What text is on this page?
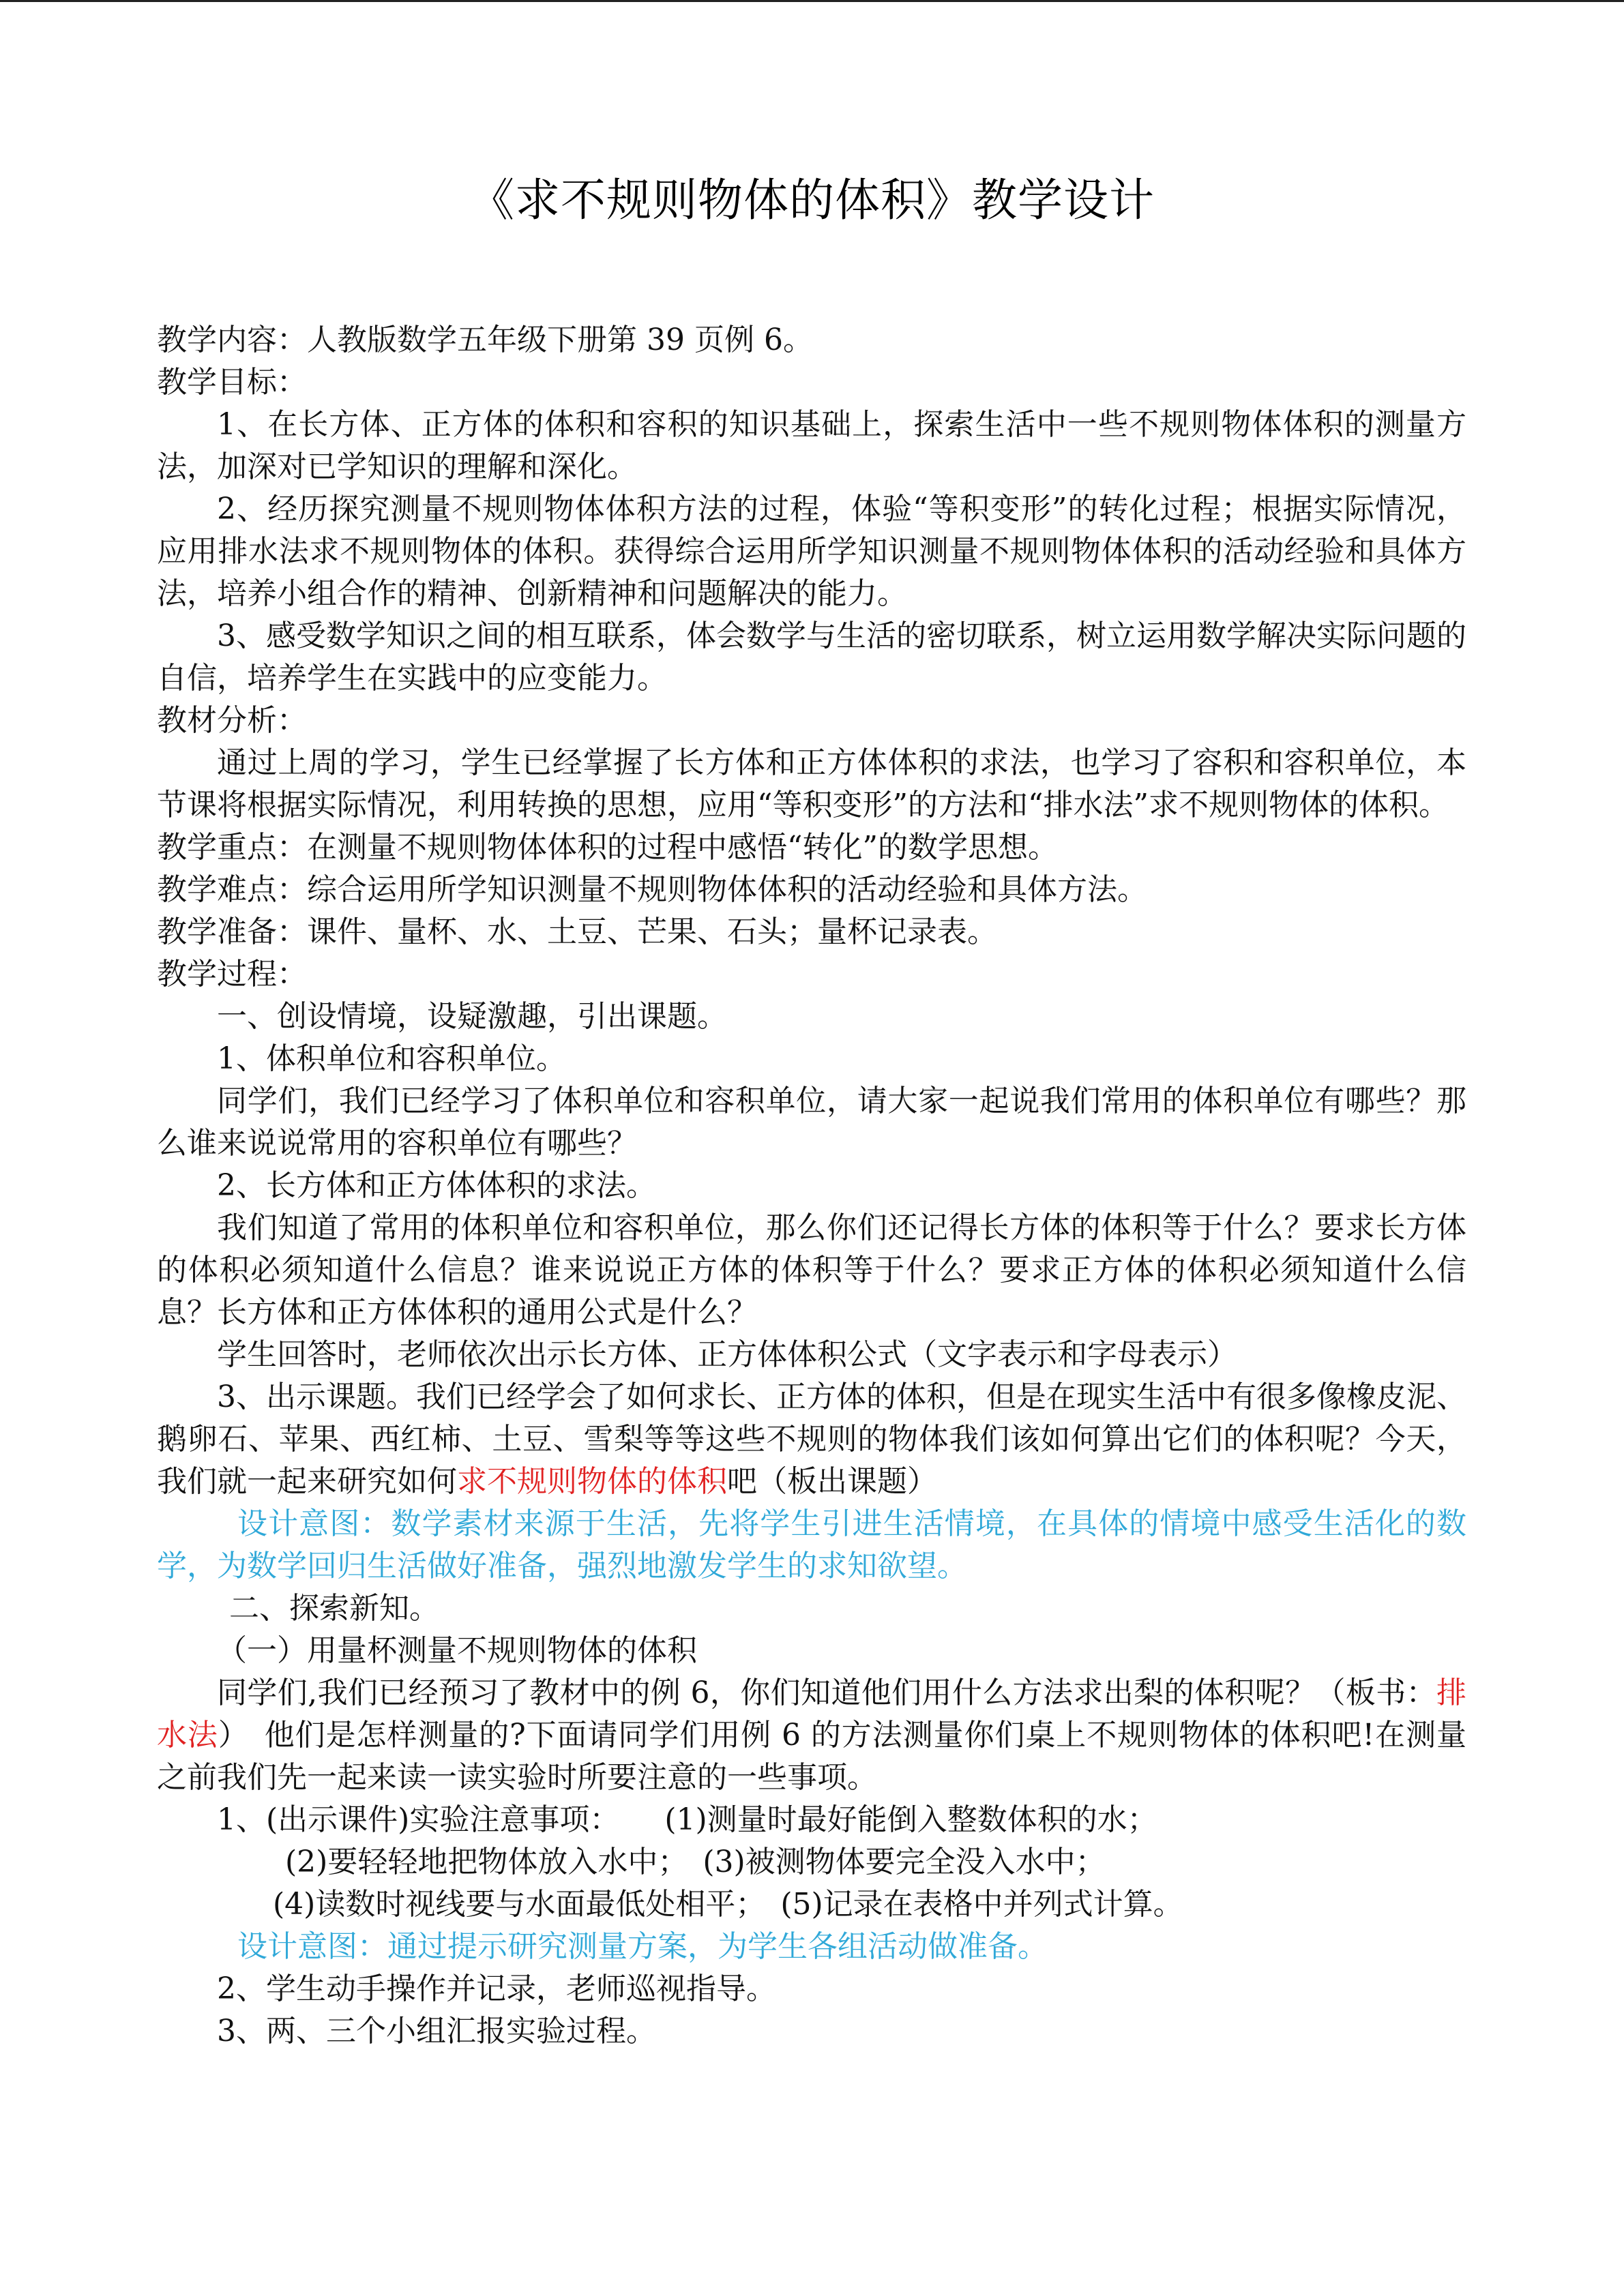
《求不规则物体的体积》教学设计

教学内容：人教版数学五年级下册第 39 页例 6。

教学目标：

1、在长方体、正方体的体积和容积的知识基础上，探索生活中一些不规则物体体积的测量方法，加深对已学知识的理解和深化。

2、经历探究测量不规则物体体积方法的过程，体验“等积变形”的转化过程；根据实际情况，应用排水法求不规则物体的体积。获得综合运用所学知识测量不规则物体体积的活动经验和具体方法，培养小组合作的精神、创新精神和问题解决的能力。

3、感受数学知识之间的相互联系，体会数学与生活的密切联系，树立运用数学解决实际问题的自信，培养学生在实践中的应变能力。

教材分析：

通过上周的学习，学生已经掌握了长方体和正方体体积的求法，也学习了容积和容积单位，本节课将根据实际情况，利用转换的思想，应用“等积变形”的方法和“排水法”求不规则物体的体积。

教学重点：在测量不规则物体体积的过程中感悟“转化”的数学思想。

教学难点：综合运用所学知识测量不规则物体体积的活动经验和具体方法。

教学准备：课件、量杯、水、土豆、芒果、石头；量杯记录表。

教学过程：

一、创设情境，设疑激趣，引出课题。

1、体积单位和容积单位。

同学们，我们已经学习了体积单位和容积单位，请大家一起说我们常用的体积单位有哪些？那么谁来说说常用的容积单位有哪些？

2、长方体和正方体体积的求法。

我们知道了常用的体积单位和容积单位，那么你们还记得长方体的体积等于什么？要求长方体的体积必须知道什么信息？谁来说说正方体的体积等于什么？要求正方体的体积必须知道什么信息？长方体和正方体体积的通用公式是什么？

学生回答时，老师依次出示长方体、正方体体积公式（文字表示和字母表示）

3、出示课题。我们已经学会了如何求长、正方体的体积，但是在现实生活中有很多像橡皮泥、鹅卵石、苹果、西红柿、土豆、雪梨等等这些不规则的物体我们该如何算出它们的体积呢？今天，我们就一起来研究如何求不规则物体的体积吧（板出课题）

设计意图：数学素材来源于生活，先将学生引进生活情境，在具体的情境中感受生活化的数学，为数学回归生活做好准备，强烈地激发学生的求知欲望。

二、探索新知。

（一）用量杯测量不规则物体的体积

同学们,我们已经预习了教材中的例 6，你们知道他们用什么方法求出梨的体积呢？（板书：排水法）　他们是怎样测量的?下面请同学们用例 6 的方法测量你们桌上不规则物体的体积吧!在测量之前我们先一起来读一读实验时所要注意的一些事项。

1、(出示课件)实验注意事项：　　(1)测量时最好能倒入整数体积的水；

(2)要轻轻地把物体放入水中；　(3)被测物体要完全没入水中；

(4)读数时视线要与水面最低处相平；　(5)记录在表格中并列式计算。

设计意图：通过提示研究测量方案，为学生各组活动做准备。

2、学生动手操作并记录，老师巡视指导。

3、两、三个小组汇报实验过程。
